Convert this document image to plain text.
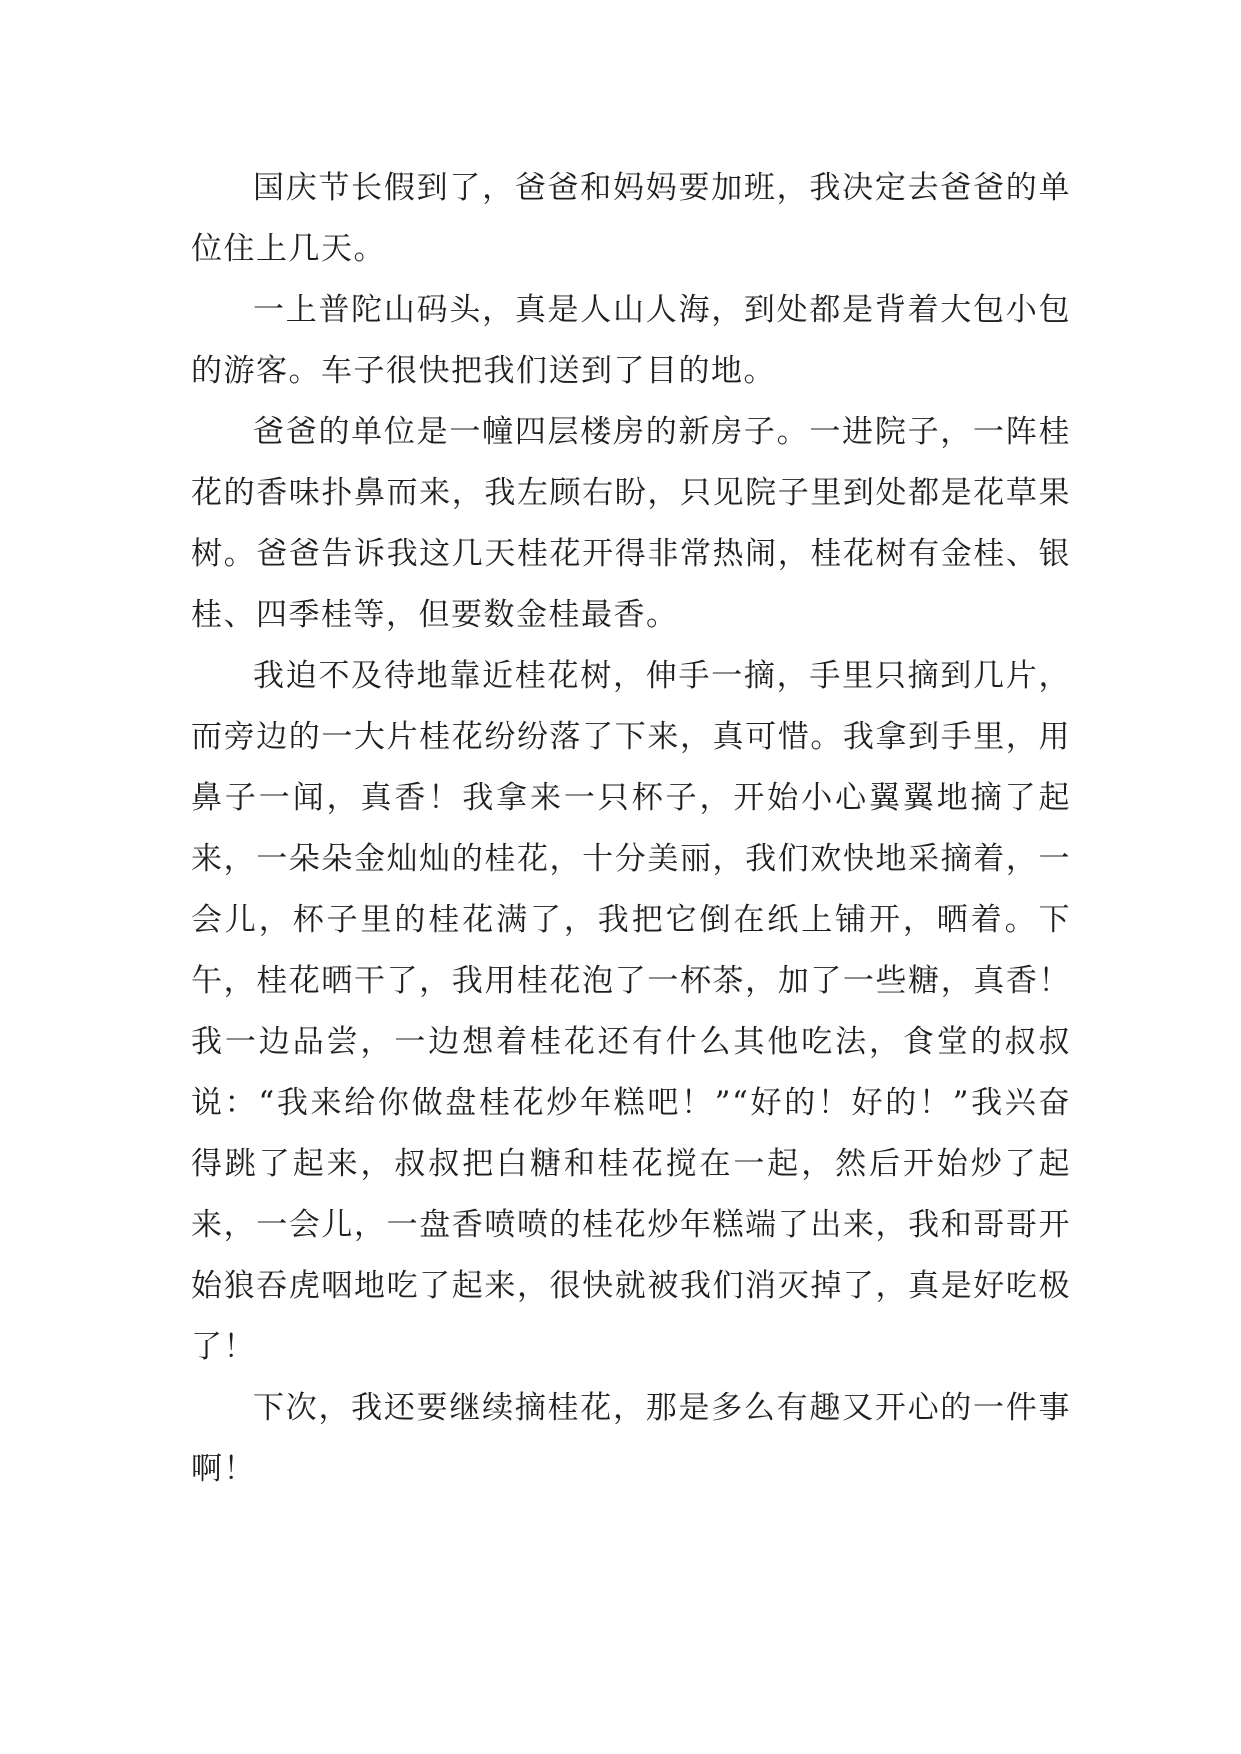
国庆节长假到了，爸爸和妈妈要加班，我决定去爸爸的单位住上几天。

一上普陀山码头，真是人山人海，到处都是背着大包小包的游客。车子很快把我们送到了目的地。

爸爸的单位是一幢四层楼房的新房子。一进院子，一阵桂花的香味扑鼻而来，我左顾右盼，只见院子里到处都是花草果树。爸爸告诉我这几天桂花开得非常热闹，桂花树有金桂、银桂、四季桂等，但要数金桂最香。

我迫不及待地靠近桂花树，伸手一摘，手里只摘到几片，而旁边的一大片桂花纷纷落了下来，真可惜。我拿到手里，用鼻子一闻，真香！我拿来一只杯子，开始小心翼翼地摘了起来，一朵朵金灿灿的桂花，十分美丽，我们欢快地采摘着，一会儿，杯子里的桂花满了，我把它倒在纸上铺开，晒着。下午，桂花晒干了，我用桂花泡了一杯茶，加了一些糖，真香！我一边品尝，一边想着桂花还有什么其他吃法，食堂的叔叔说：“我来给你做盘桂花炒年糕吧！”“好的！好的！”我兴奋得跳了起来，叔叔把白糖和桂花搅在一起，然后开始炒了起来，一会儿，一盘香喷喷的桂花炒年糕端了出来，我和哥哥开始狼吞虎咽地吃了起来，很快就被我们消灭掉了，真是好吃极了！

下次，我还要继续摘桂花，那是多么有趣又开心的一件事啊！
